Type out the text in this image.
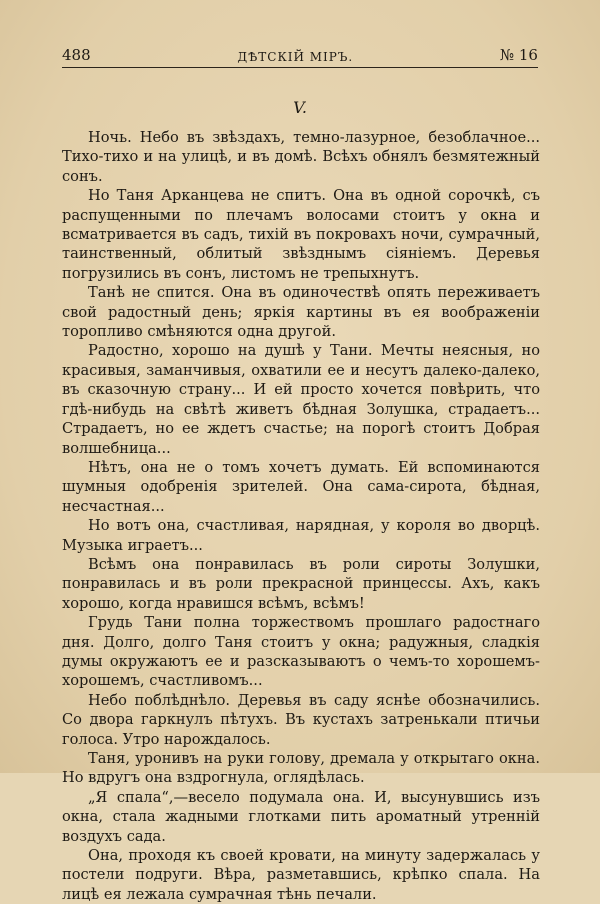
488	ДѢТСКІЙ МІРЪ.	№ 16
V.

Ночь. Небо въ звѣздахъ, темно-лазурное, безоблачное... Тихо-тихо и на улицѣ, и въ домѣ. Всѣхъ обнялъ безмятежный сонъ.

Но Таня Арканцева не спитъ. Она въ одной сорочкѣ, съ распущенными по плечамъ волосами стоитъ у окна и всматривается въ садъ, тихій въ покровахъ ночи, сумрачный, таинственный, облитый звѣзднымъ сіяніемъ. Деревья погрузились въ сонъ, листомъ не трепыхнутъ.

Танѣ не спится. Она въ одиночествѣ опять переживаетъ свой радостный день; яркія картины въ ея воображеніи торопливо смѣняются одна другой.

Радостно, хорошо на душѣ у Тани. Мечты неясныя, но красивыя, заманчивыя, охватили ее и несутъ далеко-далеко, въ сказочную страну... И ей просто хочется повѣрить, что гдѣ-нибудь на свѣтѣ живетъ бѣдная Золушка, страдаетъ... Страдаетъ, но ее ждетъ счастье; на порогѣ стоитъ Добрая волшебница...

Нѣтъ, она не о томъ хочетъ думать. Ей вспоминаются шумныя одобренія зрителей. Она сама-сирота, бѣдная, несчастная...

Но вотъ она, счастливая, нарядная, у короля во дворцѣ. Музыка играетъ...

Всѣмъ она понравилась въ роли сироты Золушки, понравилась и въ роли прекрасной принцессы. Ахъ, какъ хорошо, когда нравишся всѣмъ, всѣмъ!

Грудь Тани полна торжествомъ прошлаго радостнаго дня. Долго, долго Таня стоитъ у окна; радужныя, сладкія думы окружаютъ ее и разсказываютъ о чемъ-то хорошемъ-хорошемъ, счастливомъ...

Небо поблѣднѣло. Деревья въ саду яснѣе обозначились. Со двора гаркнулъ пѣтухъ. Въ кустахъ затренькали птичьи голоса. Утро нарождалось.

Таня, уронивъ на руки голову, дремала у открытаго окна. Но вдругъ она вздрогнула, оглядѣлась.

„Я спала“,—весело подумала она. И, высунувшись изъ окна, стала жадными глотками пить ароматный утренній воздухъ сада.

Она, проходя къ своей кровати, на минуту задержалась у постели подруги. Вѣра, разметавшись, крѣпко спала. На лицѣ ея лежала сумрачная тѣнь печали.
